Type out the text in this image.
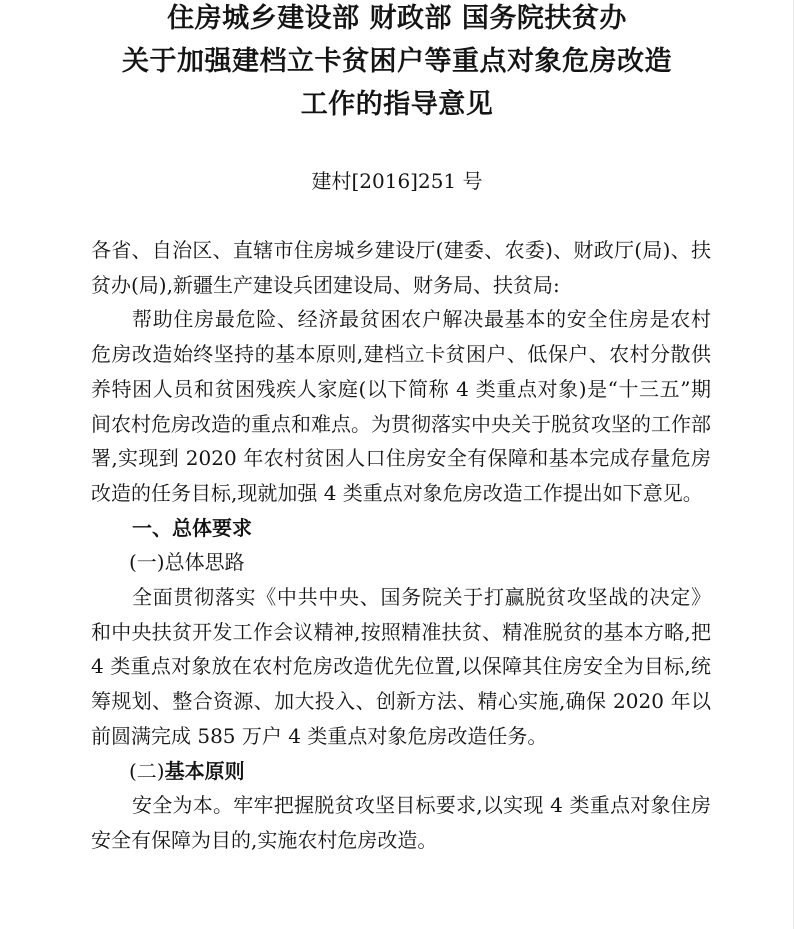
住房城乡建设部 财政部 国务院扶贫办
关于加强建档立卡贫困户等重点对象危房改造
工作的指导意见
建村[2016]251 号

各省、自治区、直辖市住房城乡建设厅(建委、农委)、财政厅(局)、扶贫办(局),新疆生产建设兵团建设局、财务局、扶贫局:

帮助住房最危险、经济最贫困农户解决最基本的安全住房是农村危房改造始终坚持的基本原则,建档立卡贫困户、低保户、农村分散供养特困人员和贫困残疾人家庭(以下简称 4 类重点对象)是“十三五”期间农村危房改造的重点和难点。为贯彻落实中央关于脱贫攻坚的工作部署,实现到 2020 年农村贫困人口住房安全有保障和基本完成存量危房改造的任务目标,现就加强 4 类重点对象危房改造工作提出如下意见。

一、总体要求

(一)总体思路

全面贯彻落实《中共中央、国务院关于打赢脱贫攻坚战的决定》和中央扶贫开发工作会议精神,按照精准扶贫、精准脱贫的基本方略,把 4 类重点对象放在农村危房改造优先位置,以保障其住房安全为目标,统筹规划、整合资源、加大投入、创新方法、精心实施,确保 2020 年以前圆满完成 585 万户 4 类重点对象危房改造任务。

(二)基本原则

安全为本。牢牢把握脱贫攻坚目标要求,以实现 4 类重点对象住房安全有保障为目的,实施农村危房改造。
